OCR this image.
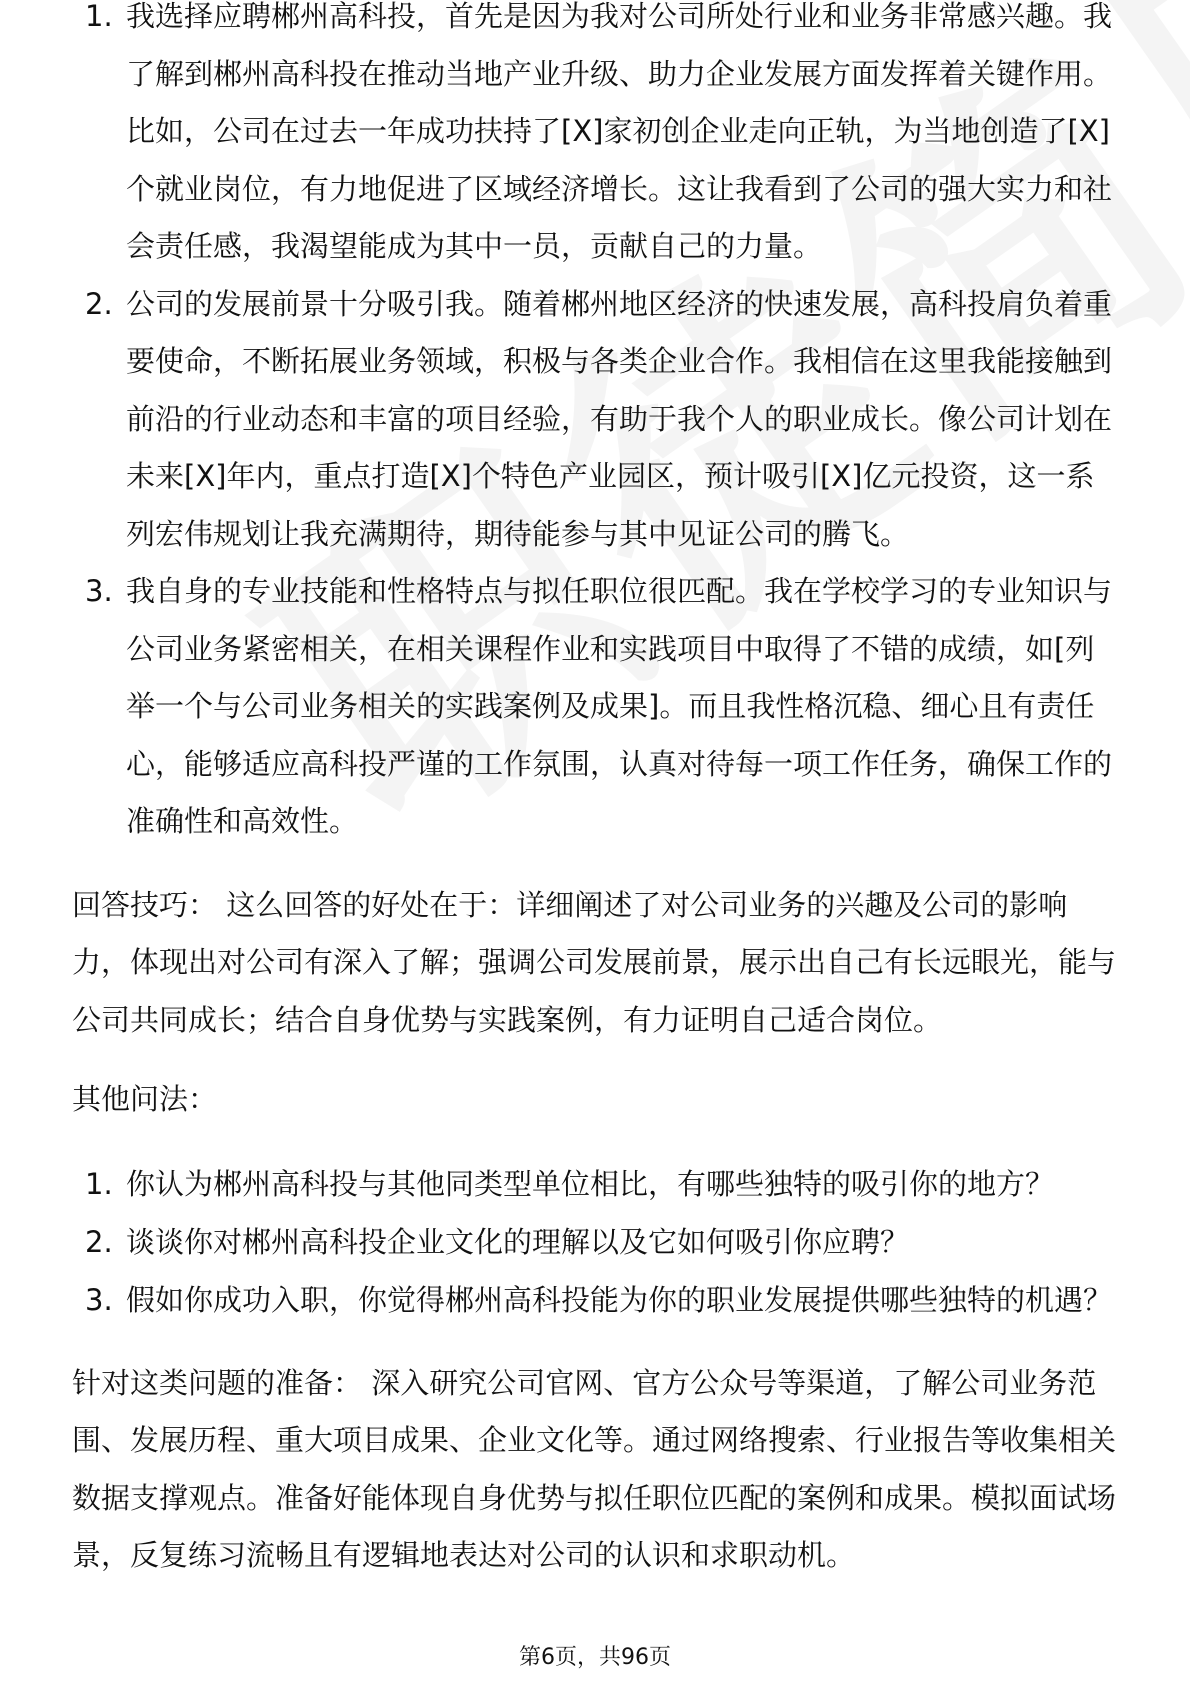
1. 我选择应聘郴州高科投，首先是因为我对公司所处行业和业务非常感兴趣。我了解到郴州高科投在推动当地产业升级、助力企业发展方面发挥着关键作用。比如，公司在过去一年成功扶持了[X]家初创企业走向正轨，为当地创造了[X]个就业岗位，有力地促进了区域经济增长。这让我看到了公司的强大实力和社会责任感，我渴望能成为其中一员，贡献自己的力量。
2. 公司的发展前景十分吸引我。随着郴州地区经济的快速发展，高科投肩负着重要使命，不断拓展业务领域，积极与各类企业合作。我相信在这里我能接触到前沿的行业动态和丰富的项目经验，有助于我个人的职业成长。像公司计划在未来[X]年内，重点打造[X]个特色产业园区，预计吸引[X]亿元投资，这一系列宏伟规划让我充满期待，期待能参与其中见证公司的腾飞。
3. 我自身的专业技能和性格特点与拟任职位很匹配。我在学校学习的专业知识与公司业务紧密相关，在相关课程作业和实践项目中取得了不错的成绩，如[列举一个与公司业务相关的实践案例及成果]。而且我性格沉稳、细心且有责任心，能够适应高科投严谨的工作氛围，认真对待每一项工作任务，确保工作的准确性和高效性。

回答技巧： 这么回答的好处在于：详细阐述了对公司业务的兴趣及公司的影响力，体现出对公司有深入了解；强调公司发展前景，展示出自己有长远眼光，能与公司共同成长；结合自身优势与实践案例，有力证明自己适合岗位。

其他问法：

1. 你认为郴州高科投与其他同类型单位相比，有哪些独特的吸引你的地方？
2. 谈谈你对郴州高科投企业文化的理解以及它如何吸引你应聘？
3. 假如你成功入职，你觉得郴州高科投能为你的职业发展提供哪些独特的机遇？

针对这类问题的准备： 深入研究公司官网、官方公众号等渠道，了解公司业务范围、发展历程、重大项目成果、企业文化等。通过网络搜索、行业报告等收集相关数据支撑观点。准备好能体现自身优势与拟任职位匹配的案例和成果。模拟面试场景，反复练习流畅且有逻辑地表达对公司的认识和求职动机。

第6页，共96页
